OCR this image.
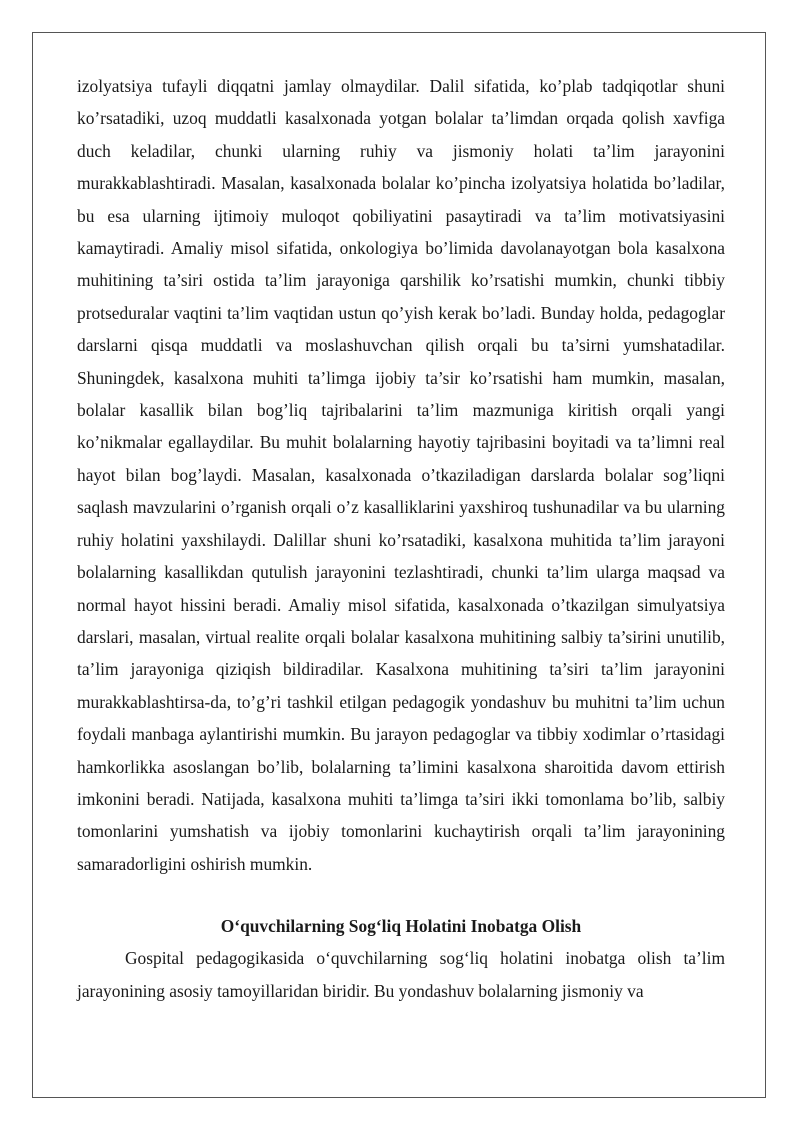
izolyatsiya tufayli diqqatni jamlay olmaydilar. Dalil sifatida, ko’plab tadqiqotlar shuni ko’rsatadiki, uzoq muddatli kasalxonada yotgan bolalar ta’limdan orqada qolish xavfiga duch keladilar, chunki ularning ruhiy va jismoniy holati ta’lim jarayonini murakkablashtiradi. Masalan, kasalxonada bolalar ko’pincha izolyatsiya holatida bo’ladilar, bu esa ularning ijtimoiy muloqot qobiliyatini pasaytiradi va ta’lim motivatsiyasini kamaytiradi. Amaliy misol sifatida, onkologiya bo’limida davolanayotgan bola kasalxona muhitining ta’siri ostida ta’lim jarayoniga qarshilik ko’rsatishi mumkin, chunki tibbiy protseduralar vaqtini ta’lim vaqtidan ustun qo’yish kerak bo’ladi. Bunday holda, pedagoglar darslarni qisqa muddatli va moslashuvchan qilish orqali bu ta’sirni yumshatadilar. Shuningdek, kasalxona muhiti ta’limga ijobiy ta’sir ko’rsatishi ham mumkin, masalan, bolalar kasallik bilan bog’liq tajribalarini ta’lim mazmuniga kiritish orqali yangi ko’nikmalar egallaydilar. Bu muhit bolalarning hayotiy tajribasini boyitadi va ta’limni real hayot bilan bog’laydi. Masalan, kasalxonada o’tkaziladigan darslarda bolalar sog’liqni saqlash mavzularini o’rganish orqali o’z kasalliklarini yaxshiroq tushunadilar va bu ularning ruhiy holatini yaxshilaydi. Dalillar shuni ko’rsatadiki, kasalxona muhitida ta’lim jarayoni bolalarning kasallikdan qutulish jarayonini tezlashtiradi, chunki ta’lim ularga maqsad va normal hayot hissini beradi. Amaliy misol sifatida, kasalxonada o’tkazilgan simulyatsiya darslari, masalan, virtual realite orqali bolalar kasalxona muhitining salbiy ta’sirini unutilib, ta’lim jarayoniga qiziqish bildiradilar. Kasalxona muhitining ta’siri ta’lim jarayonini murakkablashtirsa-da, to’g’ri tashkil etilgan pedagogik yondashuv bu muhitni ta’lim uchun foydali manbaga aylantirishi mumkin. Bu jarayon pedagoglar va tibbiy xodimlar o’rtasidagi hamkorlikka asoslangan bo’lib, bolalarning ta’limini kasalxona sharoitida davom ettirish imkonini beradi. Natijada, kasalxona muhiti ta’limga ta’siri ikki tomonlama bo’lib, salbiy tomonlarini yumshatish va ijobiy tomonlarini kuchaytirish orqali ta’lim jarayonining samaradorligini oshirish mumkin.

O‘quvchilarning Sog‘liq Holatini Inobatga Olish

Gospital pedagogikasida o‘quvchilarning sog‘liq holatini inobatga olish ta’lim jarayonining asosiy tamoyillaridan biridir. Bu yondashuv bolalarning jismoniy va
